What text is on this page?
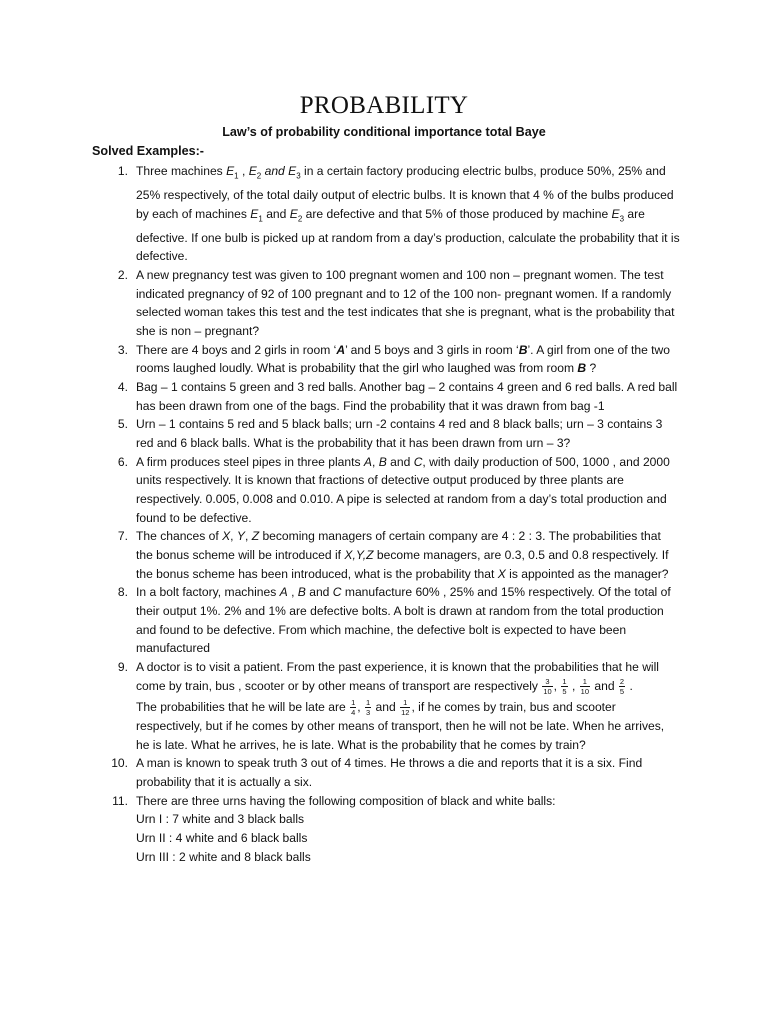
PROBABILITY

Law’s of probability conditional importance total Baye

Solved Examples:-

1. Three machines $E_1$ , $E_2$ and $E_3$ in a certain factory producing electric bulbs, produce 50%, 25% and 25% respectively, of the total daily output of electric bulbs. It is known that 4 % of the bulbs produced by each of machines $E_1$ and $E_2$ are defective and that 5% of those produced by machine $E_3$ are defective. If one bulb is picked up at random from a day’s production, calculate the probability that it is defective.
2. A new pregnancy test was given to 100 pregnant women and 100 non – pregnant women. The test indicated pregnancy of 92 of 100 pregnant and to 12 of the 100 non- pregnant women. If a randomly selected woman takes this test and the test indicates that she is pregnant, what is the probability that she is non – pregnant?
3. There are 4 boys and 2 girls in room ‘A’ and 5 boys and 3 girls in room ‘B’. A girl from one of the two rooms laughed loudly. What is probability that the girl who laughed was from room B ?
4. Bag – 1 contains 5 green and 3 red balls. Another bag – 2 contains 4 green and 6 red balls. A red ball has been drawn from one of the bags. Find the probability that it was drawn from bag -1
5. Urn – 1 contains 5 red and 5 black balls; urn -2 contains 4 red and 8 black balls; urn – 3 contains 3 red and 6 black balls. What is the probability that it has been drawn from urn – 3?
6. A firm produces steel pipes in three plants A, B and C, with daily production of 500, 1000 , and 2000 units respectively. It is known that fractions of detective output produced by three plants are respectively. 0.005, 0.008 and 0.010. A pipe is selected at random from a day’s total production and found to be defective.
7. The chances of X, Y, Z becoming managers of certain company are 4 : 2 : 3. The probabilities that the bonus scheme will be introduced if X,Y,Z become managers, are 0.3, 0.5 and 0.8 respectively. If the bonus scheme has been introduced, what is the probability that X is appointed as the manager?
8. In a bolt factory, machines A , B and C manufacture 60% , 25% and 15% respectively. Of the total of their output 1%. 2% and 1% are defective bolts. A bolt is drawn at random from the total production and found to be defective. From which machine, the defective bolt is expected to have been manufactured
9. A doctor is to visit a patient. From the past experience, it is known that the probabilities that he will come by train, bus , scooter or by other means of transport are respectively $\frac{3}{10}$ , $\frac{1}{5}$ , $\frac{1}{10}$ and $\frac{2}{5}$ .
The probabilities that he will be late are $\frac{1}{4}$ , $\frac{1}{3}$ and $\frac{1}{12}$ , if he comes by train, bus and scooter respectively, but if he comes by other means of transport, then he will not be late. When he arrives, he is late. What he arrives, he is late. What is the probability that he comes by train?
10. A man is known to speak truth 3 out of 4 times. He throws a die and reports that it is a six. Find probability that it is actually a six.
11. There are three urns having the following composition of black and white balls:
Urn I : 7 white and 3 black balls
Urn II : 4 white and 6 black balls
Urn III : 2 white and 8 black balls
